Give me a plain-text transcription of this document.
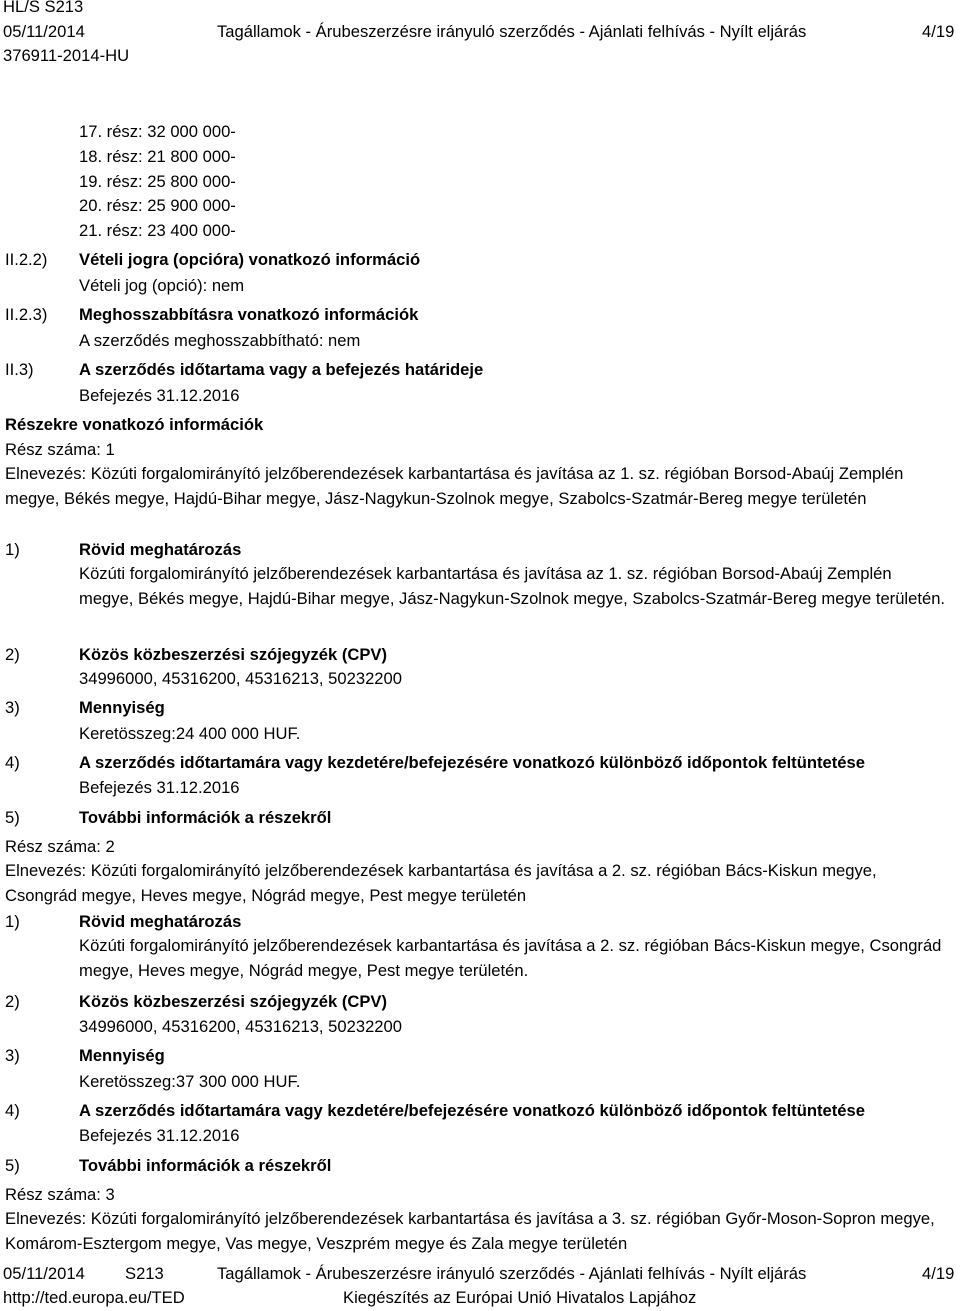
HL/S S213
05/11/2014
376911-2014-HU
Tagállamok - Árubeszerzésre irányuló szerződés - Ajánlati felhívás - Nyílt eljárás	4/19
17. rész: 32 000 000-
18. rész: 21 800 000-
19. rész: 25 800 000-
20. rész: 25 900 000-
21. rész: 23 400 000-
II.2.2) Vételi jogra (opcióra) vonatkozó információ
Vételi jog (opció): nem
II.2.3) Meghosszabbításra vonatkozó információk
A szerződés meghosszabbítható: nem
II.3)	A szerződés időtartama vagy a befejezés határideje
Befejezés 31.12.2016
Részekre vonatkozó információk
Rész száma: 1
Elnevezés: Közúti forgalomirányító jelzőberendezések karbantartása és javítása az 1. sz. régióban Borsod-Abaúj Zemplén megye, Békés megye, Hajdú-Bihar megye, Jász-Nagykun-Szolnok megye, Szabolcs-Szatmár-Bereg megye területén
1)	Rövid meghatározás
Közúti forgalomirányító jelzőberendezések karbantartása és javítása az 1. sz. régióban Borsod-Abaúj Zemplén megye, Békés megye, Hajdú-Bihar megye, Jász-Nagykun-Szolnok megye, Szabolcs-Szatmár-Bereg megye területén.
2)	Közös közbeszerzési szójegyzék (CPV)
34996000, 45316200, 45316213, 50232200
3)	Mennyiség
Keretösszeg:24 400 000 HUF.
4)	A szerződés időtartamára vagy kezdetére/befejezésére vonatkozó különböző időpontok feltüntetése
Befejezés 31.12.2016
5)	További információk a részekről
Rész száma: 2
Elnevezés: Közúti forgalomirányító jelzőberendezések karbantartása és javítása a 2. sz. régióban Bács-Kiskun megye, Csongrád megye, Heves megye, Nógrád megye, Pest megye területén
1)	Rövid meghatározás
Közúti forgalomirányító jelzőberendezések karbantartása és javítása a 2. sz. régióban Bács-Kiskun megye, Csongrád megye, Heves megye, Nógrád megye, Pest megye területén.
2)	Közös közbeszerzési szójegyzék (CPV)
34996000, 45316200, 45316213, 50232200
3)	Mennyiség
Keretösszeg:37 300 000 HUF.
4)	A szerződés időtartamára vagy kezdetére/befejezésére vonatkozó különböző időpontok feltüntetése
Befejezés 31.12.2016
5)	További információk a részekről
Rész száma: 3
Elnevezés: Közúti forgalomirányító jelzőberendezések karbantartása és javítása a 3. sz. régióban Győr-Moson-Sopron megye, Komárom-Esztergom megye, Vas megye, Veszprém megye és Zala megye területén
05/11/2014 S213	Tagállamok - Árubeszerzésre irányuló szerződés - Ajánlati felhívás - Nyílt eljárás	4/19
http://ted.europa.eu/TED	Kiegészítés az Európai Unió Hivatalos Lapjához
